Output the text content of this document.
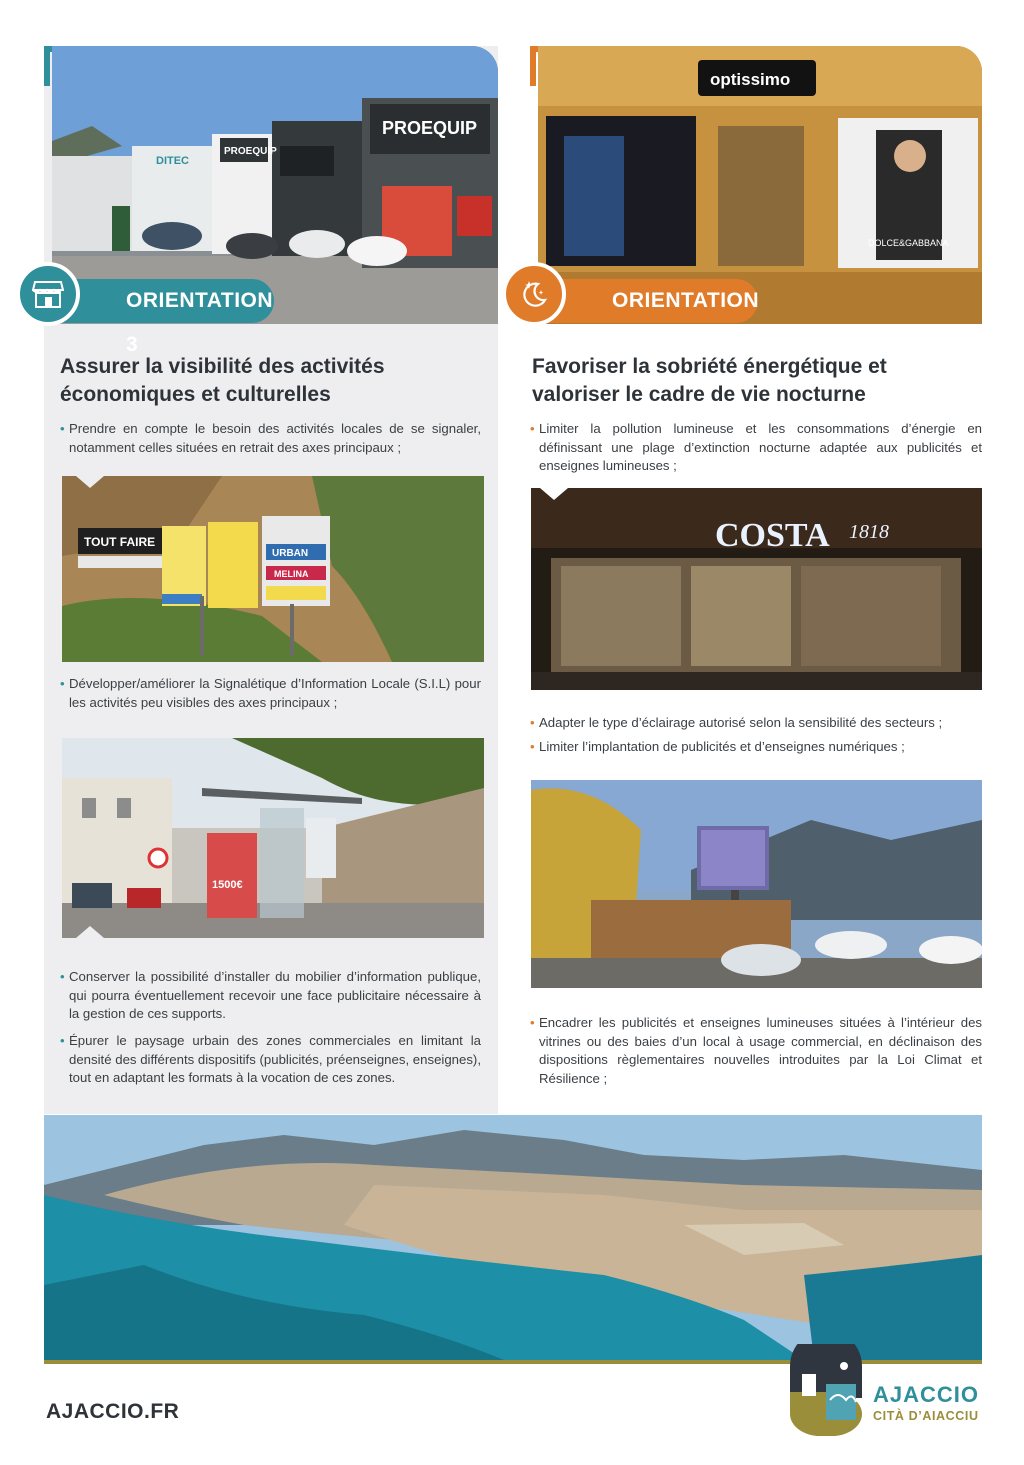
PROEQUIP
DITEC
PROEQUIP
ORIENTATION 3
Assurer la visibilité des activités économiques et culturelles
• Prendre en compte le besoin des activités locales de se signaler, notamment celles situées en retrait des axes principaux ;
TOUT FAIRE
URBAN
MELINA
• Développer/améliorer la Signalétique d’Information Locale (S.I.L) pour les activités peu visibles des axes principaux ;
1500€
• Conserver la possibilité d’installer du mobilier d’information publique, qui pourra éventuellement recevoir une face publicitaire nécessaire à la gestion de ces supports.
• Épurer le paysage urbain des zones commerciales en limitant la densité des différents dispositifs (publicités, préenseignes, enseignes), tout en adaptant les formats à la vocation de ces zones.
optissimo
DOLCE&GABBANA
ORIENTATION 4
Favoriser la sobriété énergétique et valoriser le cadre de vie nocturne
• Limiter la pollution lumineuse et les consommations d’énergie en définissant une plage d’extinction nocturne adaptée aux publicités et enseignes lumineuses ;
COSTA 1818
• Adapter le type d’éclairage autorisé selon la sensibilité des secteurs ;
• Limiter l’implantation de publicités et d’enseignes numériques ;
• Encadrer les publicités et enseignes lumineuses situées à l’intérieur des vitrines ou des baies d’un local à usage commercial, en déclinaison des dispositions règlementaires nouvelles introduites par la Loi Climat et Résilience ;
AJACCIO.FR
AJACCIO
CITÀ D’AIACCIU
